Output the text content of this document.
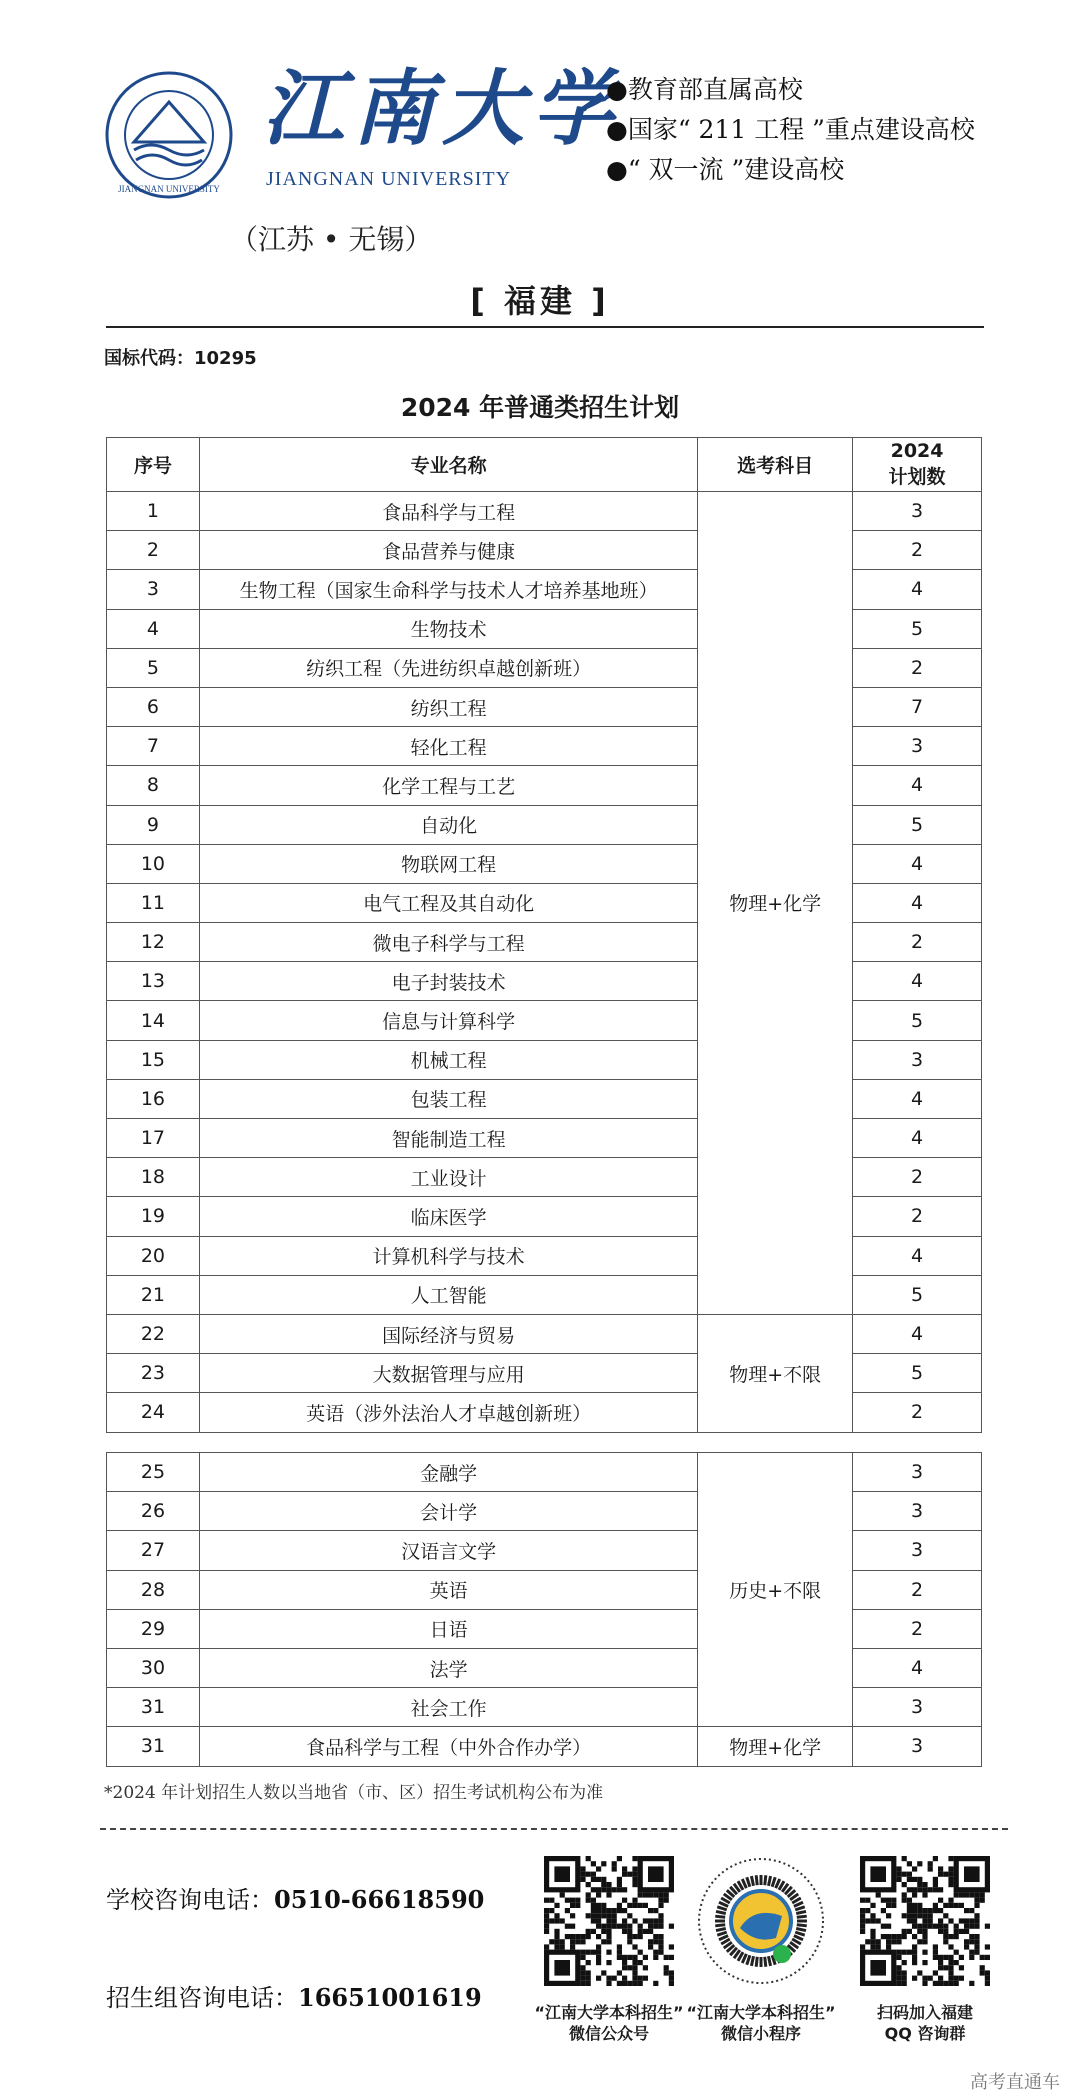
JIANGNAN UNIVERSITY
江南大学
JIANGNAN UNIVERSITY
（江苏 • 无锡）
●教育部直属高校
●国家“ 211 工程 ”重点建设高校
●“ 双一流 ”建设高校
[ 福建 ]
国标代码：10295
2024 年普通类招生计划
序号	专业名称	选考科目	2024
计划数

1	食品科学与工程	物理+化学	3
2	食品营养与健康		2
3	生物工程（国家生命科学与技术人才培养基地班）		4
4	生物技术		5
5	纺织工程（先进纺织卓越创新班）		2
6	纺织工程		7
7	轻化工程		3
8	化学工程与工艺		4
9	自动化		5
10	物联网工程		4
11	电气工程及其自动化		4
12	微电子科学与工程		2
13	电子封装技术		4
14	信息与计算科学		5
15	机械工程		3
16	包装工程		4
17	智能制造工程		4
18	工业设计		2
19	临床医学		2
20	计算机科学与技术		4
21	人工智能		5
22	国际经济与贸易	物理+不限	4
23	大数据管理与应用		5
24	英语（涉外法治人才卓越创新班）		2
25	金融学	历史+不限	3
26	会计学		3
27	汉语言文学		3
28	英语		2
29	日语		2
30	法学		4
31	社会工作		3
31	食品科学与工程（中外合作办学）	物理+化学	3
*2024 年计划招生人数以当地省（市、区）招生考试机构公布为准
学校咨询电话：0510-66618590
招生组咨询电话：16651001619
“江南大学本科招生”
微信公众号
“江南大学本科招生”
微信小程序
扫码加入福建
QQ 咨询群
高考直通车
